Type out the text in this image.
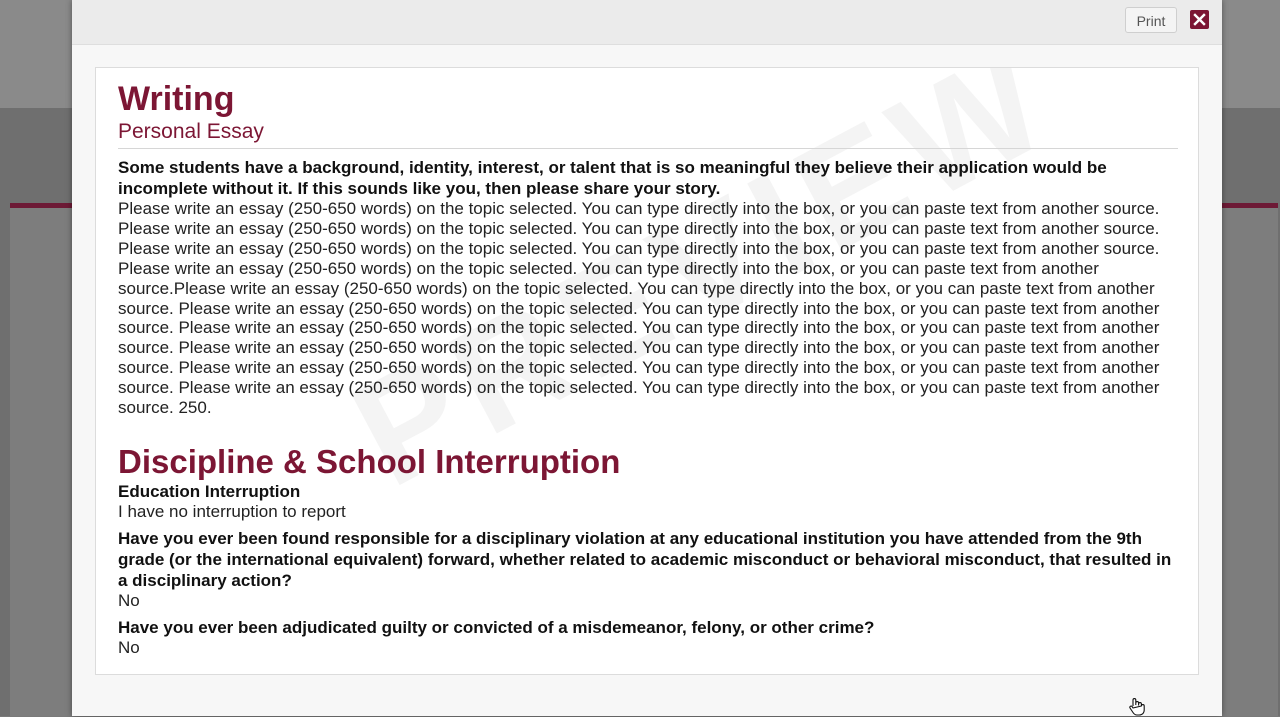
Print
Writing
Personal Essay
Some students have a background, identity, interest, or talent that is so meaningful they believe their application would be incomplete without it. If this sounds like you, then please share your story.
Please write an essay (250-650 words) on the topic selected. You can type directly into the box, or you can paste text from another source. Please write an essay (250-650 words) on the topic selected. You can type directly into the box, or you can paste text from another source. Please write an essay (250-650 words) on the topic selected. You can type directly into the box, or you can paste text from another source. Please write an essay (250-650 words) on the topic selected. You can type directly into the box, or you can paste text from another source.Please write an essay (250-650 words) on the topic selected. You can type directly into the box, or you can paste text from another source. Please write an essay (250-650 words) on the topic selected. You can type directly into the box, or you can paste text from another source. Please write an essay (250-650 words) on the topic selected. You can type directly into the box, or you can paste text from another source. Please write an essay (250-650 words) on the topic selected. You can type directly into the box, or you can paste text from another source. Please write an essay (250-650 words) on the topic selected. You can type directly into the box, or you can paste text from another source. Please write an essay (250-650 words) on the topic selected. You can type directly into the box, or you can paste text from another source. 250.
Discipline & School Interruption
Education Interruption
I have no interruption to report
Have you ever been found responsible for a disciplinary violation at any educational institution you have attended from the 9th grade (or the international equivalent) forward, whether related to academic misconduct or behavioral misconduct, that resulted in a disciplinary action?
No
Have you ever been adjudicated guilty or convicted of a misdemeanor, felony, or other crime?
No
